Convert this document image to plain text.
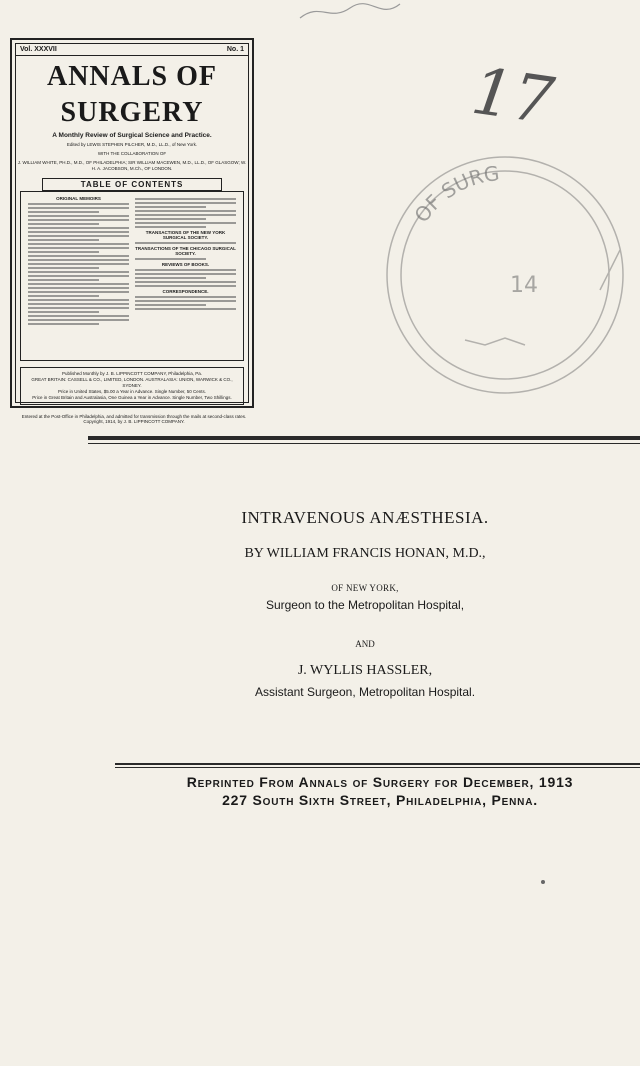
Vol. XXXVII	No. 1
ANNALS OF
SURGERY
A Monthly Review of Surgical Science and Practice.
Edited by LEWIS STEPHEN PILCHER, M.D., LL.D., of New York.
WITH THE COLLABORATION OF
J. WILLIAM WHITE, PH.D., M.D., OF PHILADELPHIA; SIR WILLIAM MACEWEN, M.D., LL.D., OF GLASGOW; W. H. A. JACOBSON, M.Ch., OF LONDON.
TABLE OF CONTENTS
ORIGINAL MEMOIRS
TRANSACTIONS OF THE NEW YORK SURGICAL SOCIETY.
TRANSACTIONS OF THE CHICAGO SURGICAL SOCIETY.
REVIEWS OF BOOKS.
CORRESPONDENCE.
Published Monthly by J. B. LIPPINCOTT COMPANY, Philadelphia, Pa.
GREAT BRITAIN: CASSELL & CO., LIMITED, LONDON. AUSTRALASIA: UNION, WARWICK & CO., SYDNEY.
Price in United States, $5.00 a Year in Advance. Single Number, 50 Cents.
Price in Great Britain and Australasia, One Guinea a Year in Advance. Single Number, Two Shillings.
Entered at the Post-Office in Philadelphia, and admitted for transmission through the mails at second-class rates.
Copyright, 1914, by J. B. LIPPINCOTT COMPANY.
17
OF SURG
14
INTRAVENOUS ANÆSTHESIA.
BY WILLIAM FRANCIS HONAN, M.D.,
OF NEW YORK,
Surgeon to the Metropolitan Hospital,
AND
J. WYLLIS HASSLER,
Assistant Surgeon, Metropolitan Hospital.
Reprinted From Annals of Surgery for December, 1913
227 South Sixth Street, Philadelphia, Penna.
